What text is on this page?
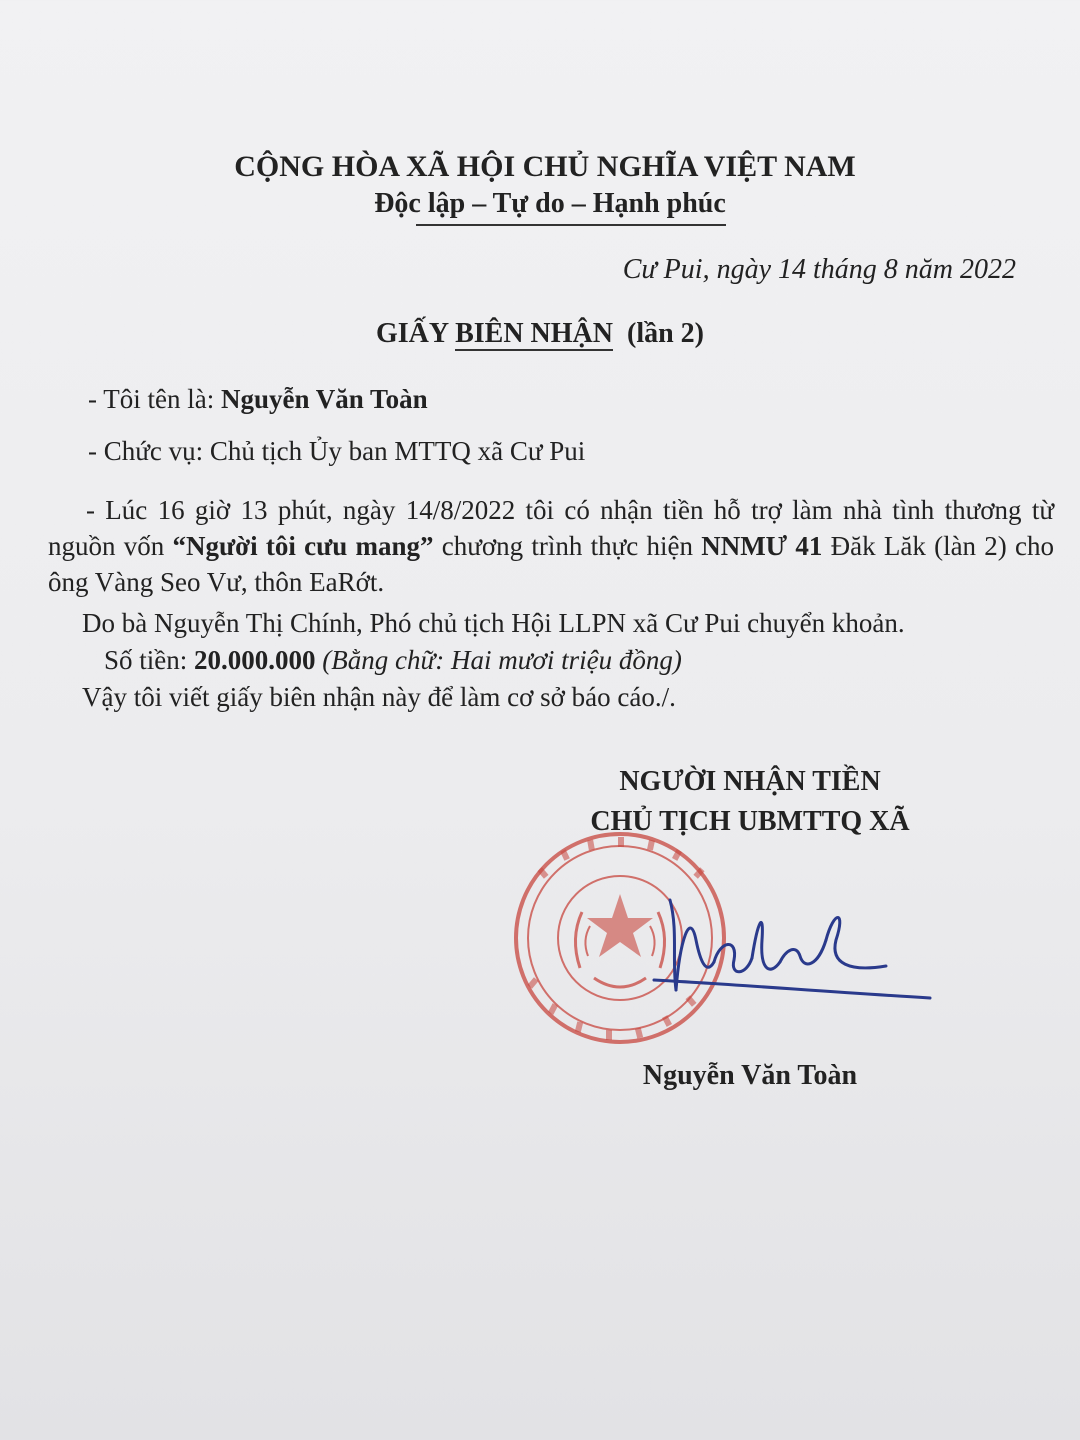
CỘNG HÒA XÃ HỘI CHỦ NGHĨA VIỆT NAM
Độc lập – Tự do – Hạnh phúc
Cư Pui, ngày 14 tháng 8 năm 2022
GIẤY BIÊN NHẬN (lần 2)
- Tôi tên là: Nguyễn Văn Toàn
- Chức vụ: Chủ tịch Ủy ban MTTQ xã Cư Pui
- Lúc 16 giờ 13 phút, ngày 14/8/2022 tôi có nhận tiền hỗ trợ làm nhà tình thương từ nguồn vốn “Người tôi cưu mang” chương trình thực hiện NNMƯ 41 Đăk Lăk (làn 2) cho ông Vàng Seo Vư, thôn EaRớt.
Do bà Nguyễn Thị Chính, Phó chủ tịch Hội LLPN xã Cư Pui chuyển khoản.
Số tiền: 20.000.000 (Bằng chữ: Hai mươi triệu đồng)
Vậy tôi viết giấy biên nhận này để làm cơ sở báo cáo./.
NGƯỜI NHẬN TIỀN
CHỦ TỊCH UBMTTQ XÃ
Nguyễn Văn Toàn
